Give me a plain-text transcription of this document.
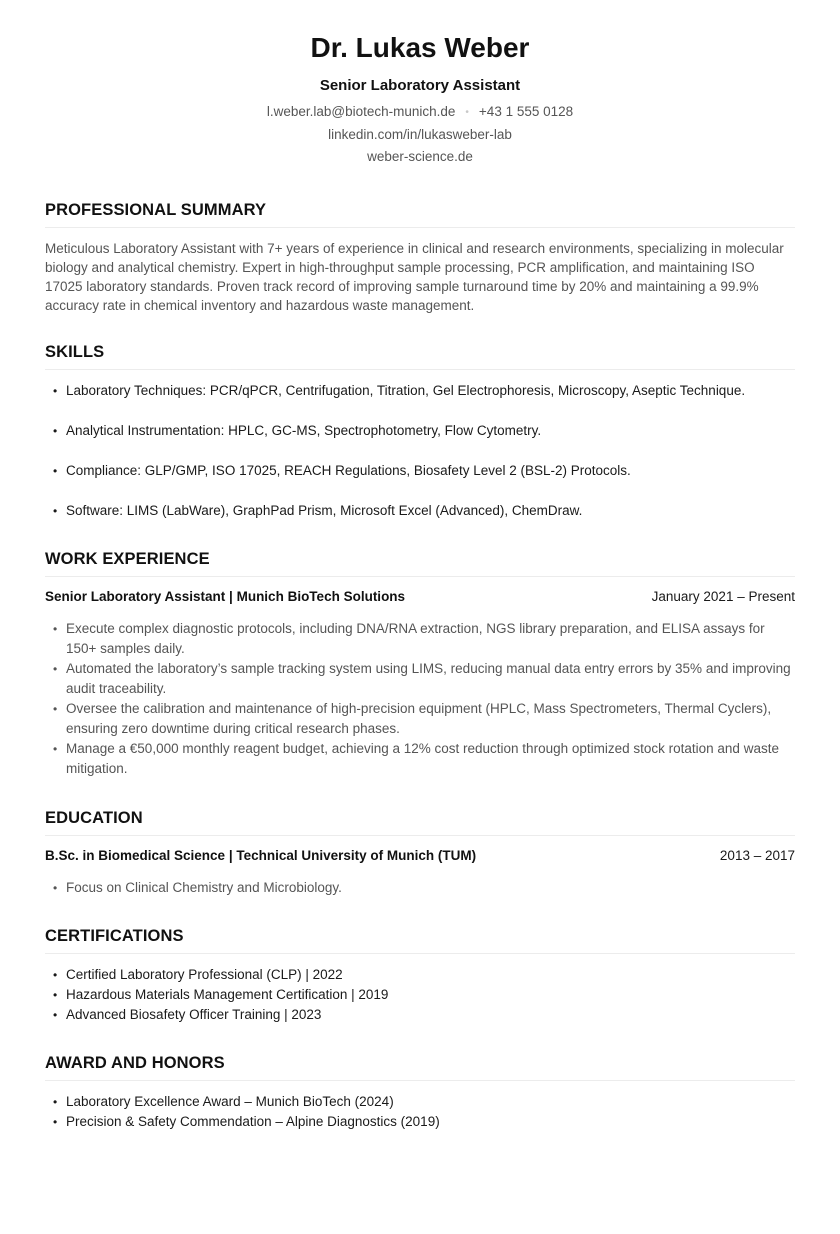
Dr. Lukas Weber
Senior Laboratory Assistant
l.weber.lab@biotech-munich.de • +43 1 555 0128
linkedin.com/in/lukasweber-lab
weber-science.de
PROFESSIONAL SUMMARY
Meticulous Laboratory Assistant with 7+ years of experience in clinical and research environments, specializing in molecular biology and analytical chemistry. Expert in high-throughput sample processing, PCR amplification, and maintaining ISO 17025 laboratory standards. Proven track record of improving sample turnaround time by 20% and maintaining a 99.9% accuracy rate in chemical inventory and hazardous waste management.
SKILLS
• Laboratory Techniques: PCR/qPCR, Centrifugation, Titration, Gel Electrophoresis, Microscopy, Aseptic Technique.
• Analytical Instrumentation: HPLC, GC-MS, Spectrophotometry, Flow Cytometry.
• Compliance: GLP/GMP, ISO 17025, REACH Regulations, Biosafety Level 2 (BSL-2) Protocols.
• Software: LIMS (LabWare), GraphPad Prism, Microsoft Excel (Advanced), ChemDraw.
WORK EXPERIENCE
Senior Laboratory Assistant | Munich BioTech Solutions	January 2021 – Present
• Execute complex diagnostic protocols, including DNA/RNA extraction, NGS library preparation, and ELISA assays for 150+ samples daily.
• Automated the laboratory’s sample tracking system using LIMS, reducing manual data entry errors by 35% and improving audit traceability.
• Oversee the calibration and maintenance of high-precision equipment (HPLC, Mass Spectrometers, Thermal Cyclers), ensuring zero downtime during critical research phases.
• Manage a €50,000 monthly reagent budget, achieving a 12% cost reduction through optimized stock rotation and waste mitigation.
EDUCATION
B.Sc. in Biomedical Science | Technical University of Munich (TUM)	2013 – 2017
• Focus on Clinical Chemistry and Microbiology.
CERTIFICATIONS
• Certified Laboratory Professional (CLP) | 2022
• Hazardous Materials Management Certification | 2019
• Advanced Biosafety Officer Training | 2023
AWARD AND HONORS
• Laboratory Excellence Award – Munich BioTech (2024)
• Precision & Safety Commendation – Alpine Diagnostics (2019)
